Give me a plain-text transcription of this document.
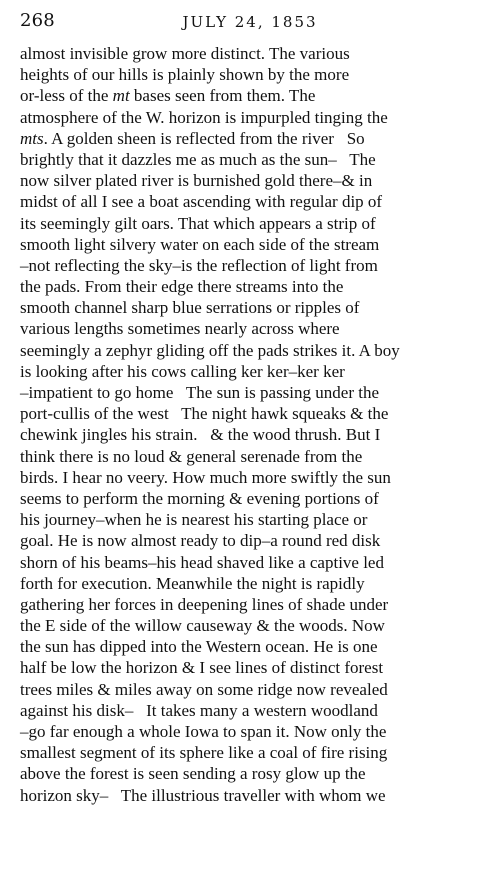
268	JULY 24, 1853
almost invisible grow more distinct. The various
heights of our hills is plainly shown by the more
or-less of the mt bases seen from them. The
atmosphere of the W. horizon is impurpled tinging the
mts. A golden sheen is reflected from the river   So
brightly that it dazzles me as much as the sun–   The
now silver plated river is burnished gold there–& in
midst of all I see a boat ascending with regular dip of
its seemingly gilt oars. That which appears a strip of
smooth light silvery water on each side of the stream
–not reflecting the sky–is the reflection of light from
the pads. From their edge there streams into the
smooth channel sharp blue serrations or ripples of
various lengths sometimes nearly across where
seemingly a zephyr gliding off the pads strikes it. A boy
is looking after his cows calling ker ker–ker ker
–impatient to go home   The sun is passing under the
port-cullis of the west   The night hawk squeaks & the
chewink jingles his strain.   & the wood thrush. But I
think there is no loud & general serenade from the
birds. I hear no veery. How much more swiftly the sun
seems to perform the morning & evening portions of
his journey–when he is nearest his starting place or
goal. He is now almost ready to dip–a round red disk
shorn of his beams–his head shaved like a captive led
forth for execution. Meanwhile the night is rapidly
gathering her forces in deepening lines of shade under
the E side of the willow causeway & the woods. Now
the sun has dipped into the Western ocean. He is one
half be low the horizon & I see lines of distinct forest
trees miles & miles away on some ridge now revealed
against his disk–   It takes many a western woodland
–go far enough a whole Iowa to span it. Now only the
smallest segment of its sphere like a coal of fire rising
above the forest is seen sending a rosy glow up the
horizon sky–   The illustrious traveller with whom we
